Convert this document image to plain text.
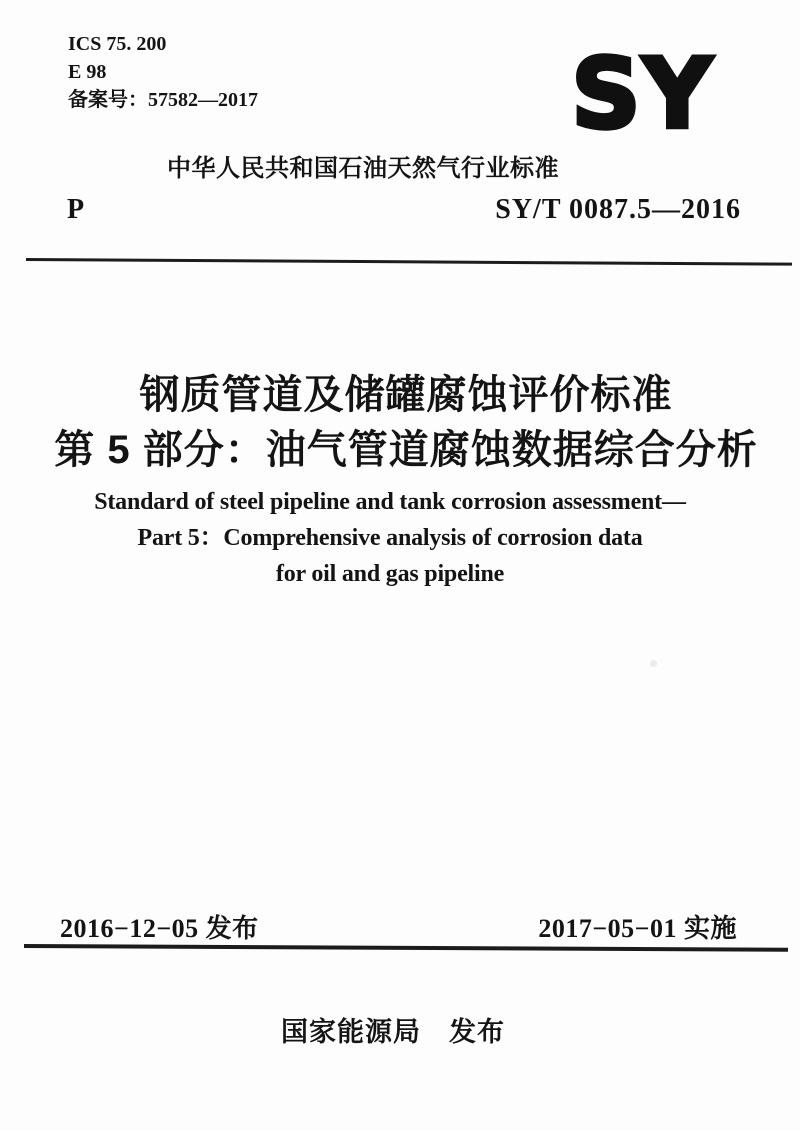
ICS 75. 200
E 98
备案号：57582—2017	SY
中华人民共和国石油天然气行业标准
P	SY/T 0087.5—2016
钢质管道及储罐腐蚀评价标准
第 5 部分：油气管道腐蚀数据综合分析
Standard of steel pipeline and tank corrosion assessment—
Part 5：Comprehensive analysis of corrosion data
for oil and gas pipeline
2016−12−05 发布	2017−05−01 实施
国家能源局　发布
